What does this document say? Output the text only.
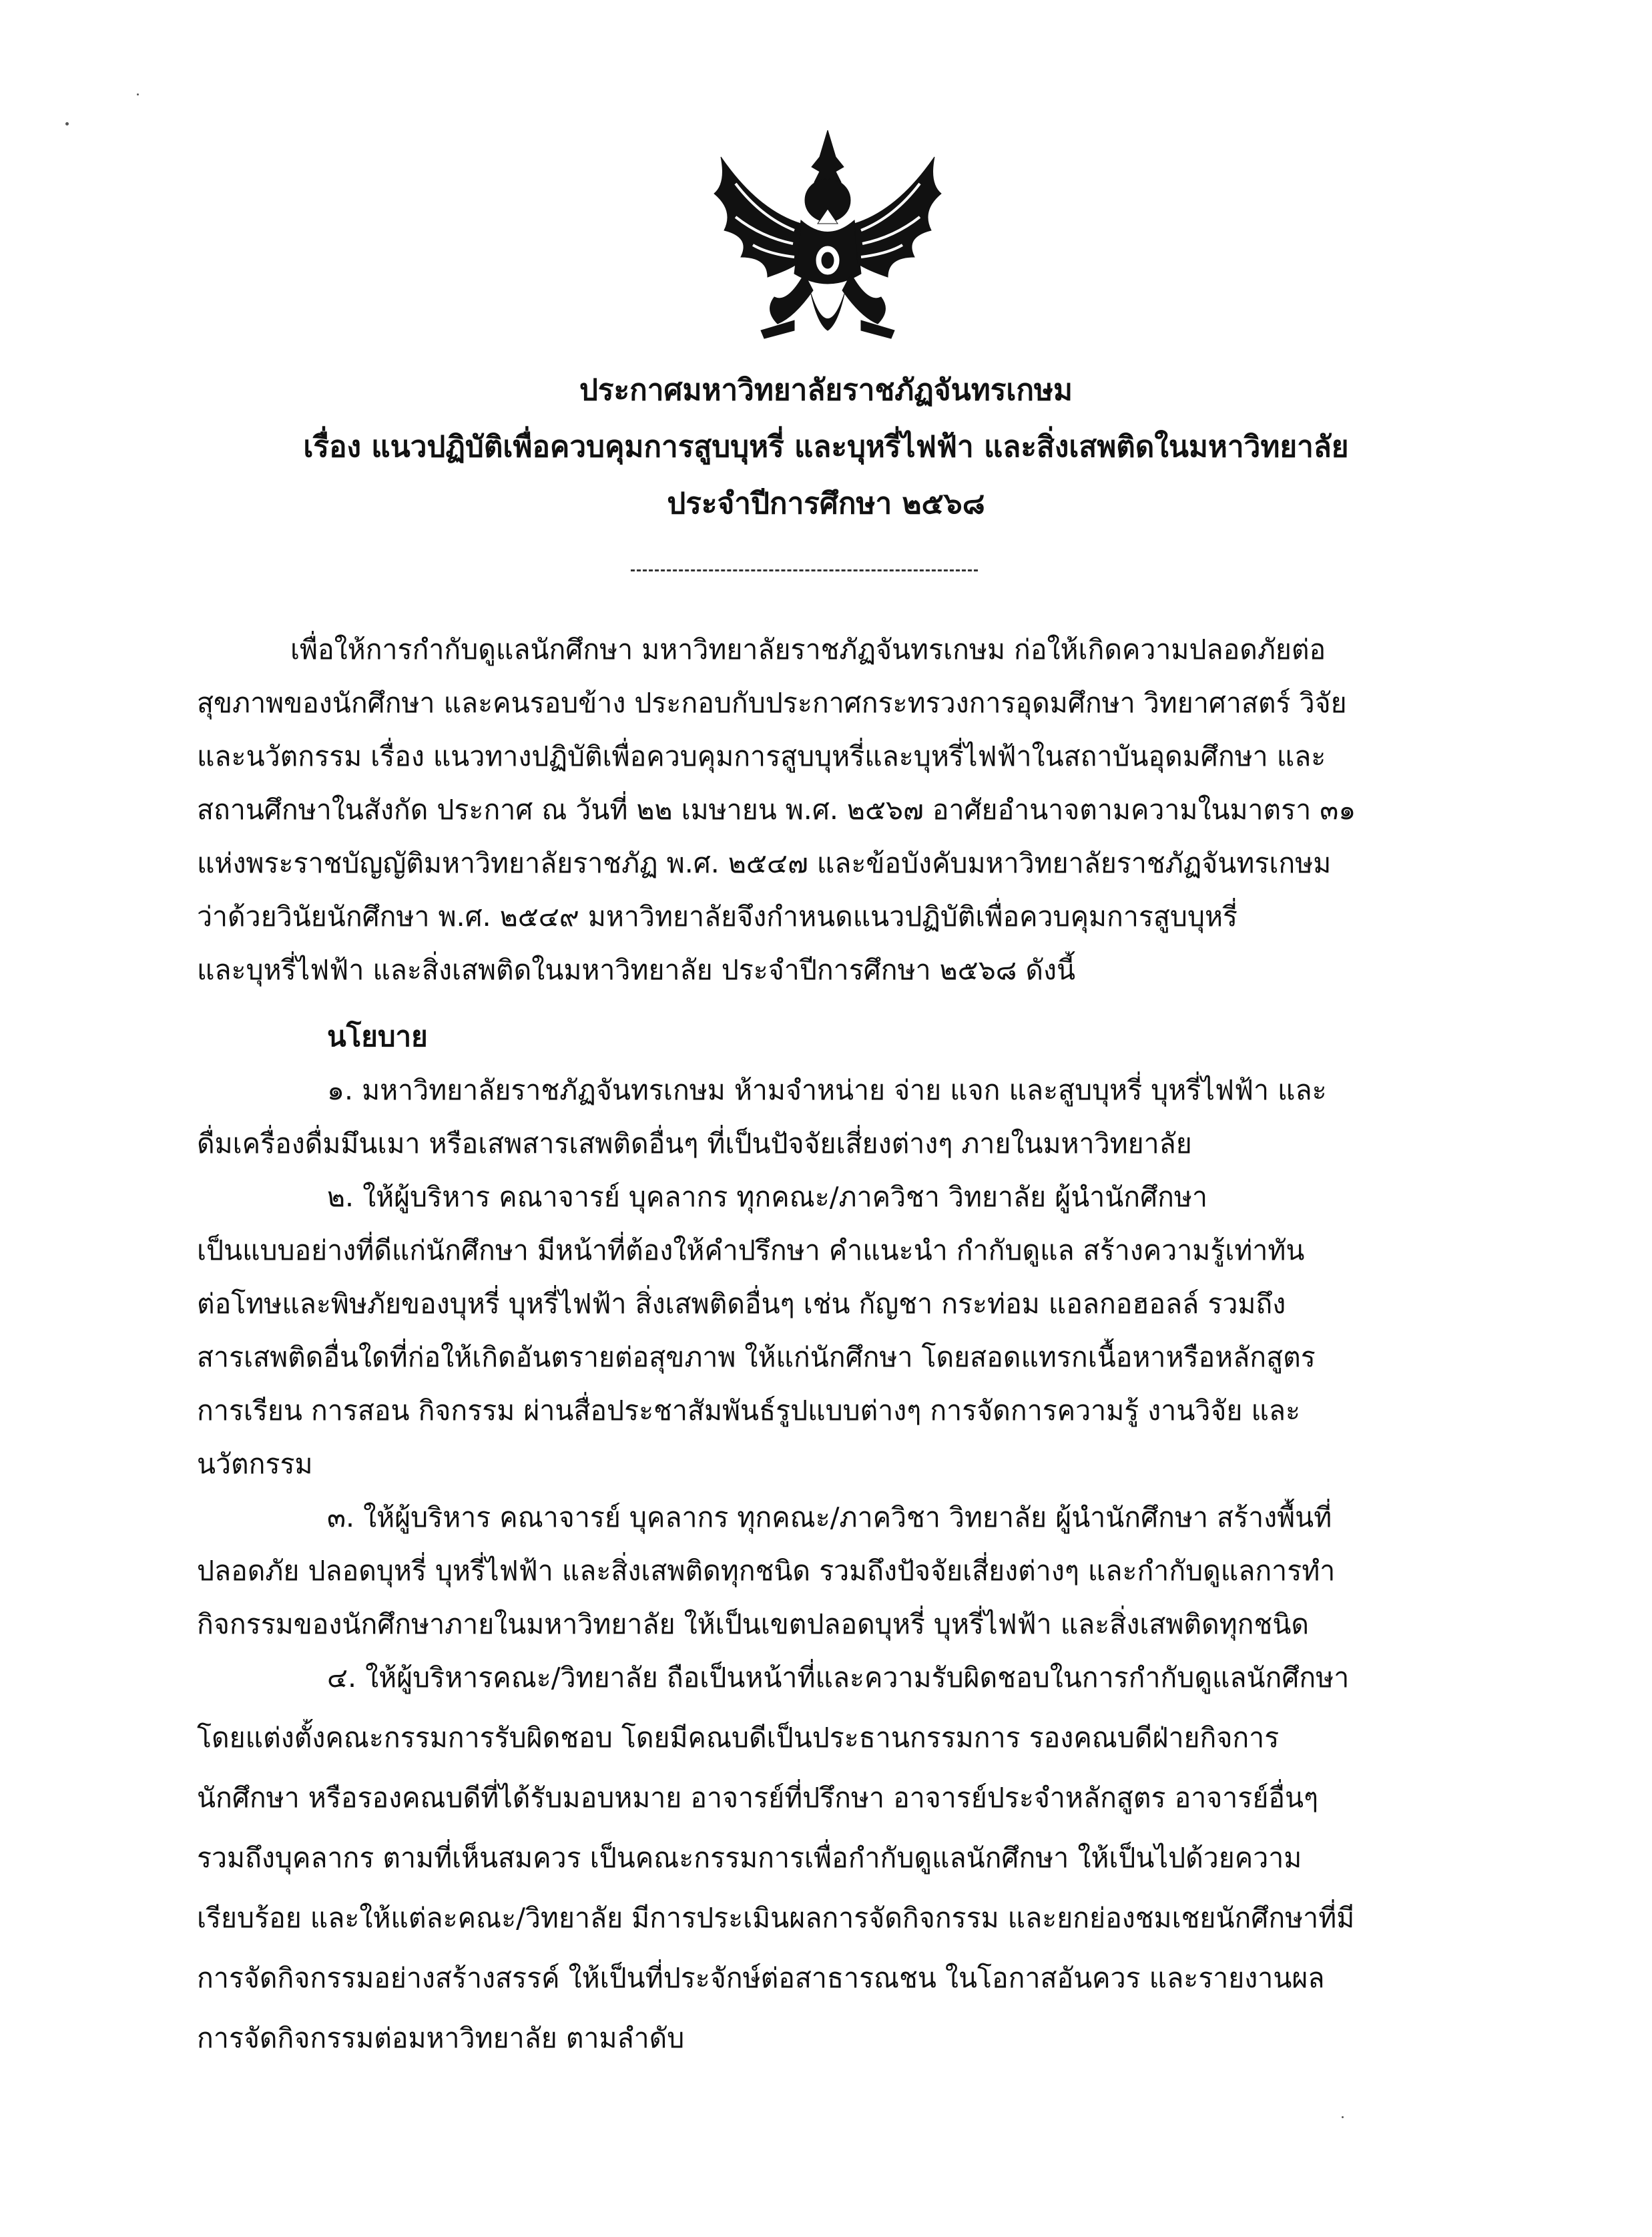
ประกาศมหาวิทยาลัยราชภัฏจันทรเกษม
เรื่อง แนวปฏิบัติเพื่อควบคุมการสูบบุหรี่ และบุหรี่ไฟฟ้า และสิ่งเสพติดในมหาวิทยาลัย
ประจำปีการศึกษา ๒๕๖๘
เพื่อให้การกำกับดูแลนักศึกษา มหาวิทยาลัยราชภัฏจันทรเกษม ก่อให้เกิดความปลอดภัยต่อ
สุขภาพของนักศึกษา และคนรอบข้าง ประกอบกับประกาศกระทรวงการอุดมศึกษา วิทยาศาสตร์ วิจัย
และนวัตกรรม เรื่อง แนวทางปฏิบัติเพื่อควบคุมการสูบบุหรี่และบุหรี่ไฟฟ้าในสถาบันอุดมศึกษา และ
สถานศึกษาในสังกัด ประกาศ ณ วันที่ ๒๒ เมษายน พ.ศ. ๒๕๖๗ อาศัยอำนาจตามความในมาตรา ๓๑
แห่งพระราชบัญญัติมหาวิทยาลัยราชภัฏ พ.ศ. ๒๕๔๗ และข้อบังคับมหาวิทยาลัยราชภัฏจันทรเกษม
ว่าด้วยวินัยนักศึกษา พ.ศ. ๒๕๔๙ มหาวิทยาลัยจึงกำหนดแนวปฏิบัติเพื่อควบคุมการสูบบุหรี่
และบุหรี่ไฟฟ้า และสิ่งเสพติดในมหาวิทยาลัย ประจำปีการศึกษา ๒๕๖๘ ดังนี้
นโยบาย
๑. มหาวิทยาลัยราชภัฏจันทรเกษม ห้ามจำหน่าย จ่าย แจก และสูบบุหรี่ บุหรี่ไฟฟ้า และ
ดื่มเครื่องดื่มมึนเมา หรือเสพสารเสพติดอื่นๆ ที่เป็นปัจจัยเสี่ยงต่างๆ ภายในมหาวิทยาลัย
๒. ให้ผู้บริหาร คณาจารย์ บุคลากร ทุกคณะ/ภาควิชา วิทยาลัย ผู้นำนักศึกษา
เป็นแบบอย่างที่ดีแก่นักศึกษา มีหน้าที่ต้องให้คำปรึกษา คำแนะนำ กำกับดูแล สร้างความรู้เท่าทัน
ต่อโทษและพิษภัยของบุหรี่ บุหรี่ไฟฟ้า สิ่งเสพติดอื่นๆ เช่น กัญชา กระท่อม แอลกอฮอลล์ รวมถึง
สารเสพติดอื่นใดที่ก่อให้เกิดอันตรายต่อสุขภาพ ให้แก่นักศึกษา โดยสอดแทรกเนื้อหาหรือหลักสูตร
การเรียน การสอน กิจกรรม ผ่านสื่อประชาสัมพันธ์รูปแบบต่างๆ การจัดการความรู้ งานวิจัย และ
นวัตกรรม
๓. ให้ผู้บริหาร คณาจารย์ บุคลากร ทุกคณะ/ภาควิชา วิทยาลัย ผู้นำนักศึกษา สร้างพื้นที่
ปลอดภัย ปลอดบุหรี่ บุหรี่ไฟฟ้า และสิ่งเสพติดทุกชนิด รวมถึงปัจจัยเสี่ยงต่างๆ และกำกับดูแลการทำ
กิจกรรมของนักศึกษาภายในมหาวิทยาลัย ให้เป็นเขตปลอดบุหรี่ บุหรี่ไฟฟ้า และสิ่งเสพติดทุกชนิด
๔. ให้ผู้บริหารคณะ/วิทยาลัย ถือเป็นหน้าที่และความรับผิดชอบในการกำกับดูแลนักศึกษา
โดยแต่งตั้งคณะกรรมการรับผิดชอบ โดยมีคณบดีเป็นประธานกรรมการ รองคณบดีฝ่ายกิจการ
นักศึกษา หรือรองคณบดีที่ได้รับมอบหมาย อาจารย์ที่ปรึกษา อาจารย์ประจำหลักสูตร อาจารย์อื่นๆ
รวมถึงบุคลากร ตามที่เห็นสมควร เป็นคณะกรรมการเพื่อกำกับดูแลนักศึกษา ให้เป็นไปด้วยความ
เรียบร้อย และให้แต่ละคณะ/วิทยาลัย มีการประเมินผลการจัดกิจกรรม และยกย่องชมเชยนักศึกษาที่มี
การจัดกิจกรรมอย่างสร้างสรรค์ ให้เป็นที่ประจักษ์ต่อสาธารณชน ในโอกาสอันควร และรายงานผล
การจัดกิจกรรมต่อมหาวิทยาลัย ตามลำดับ
